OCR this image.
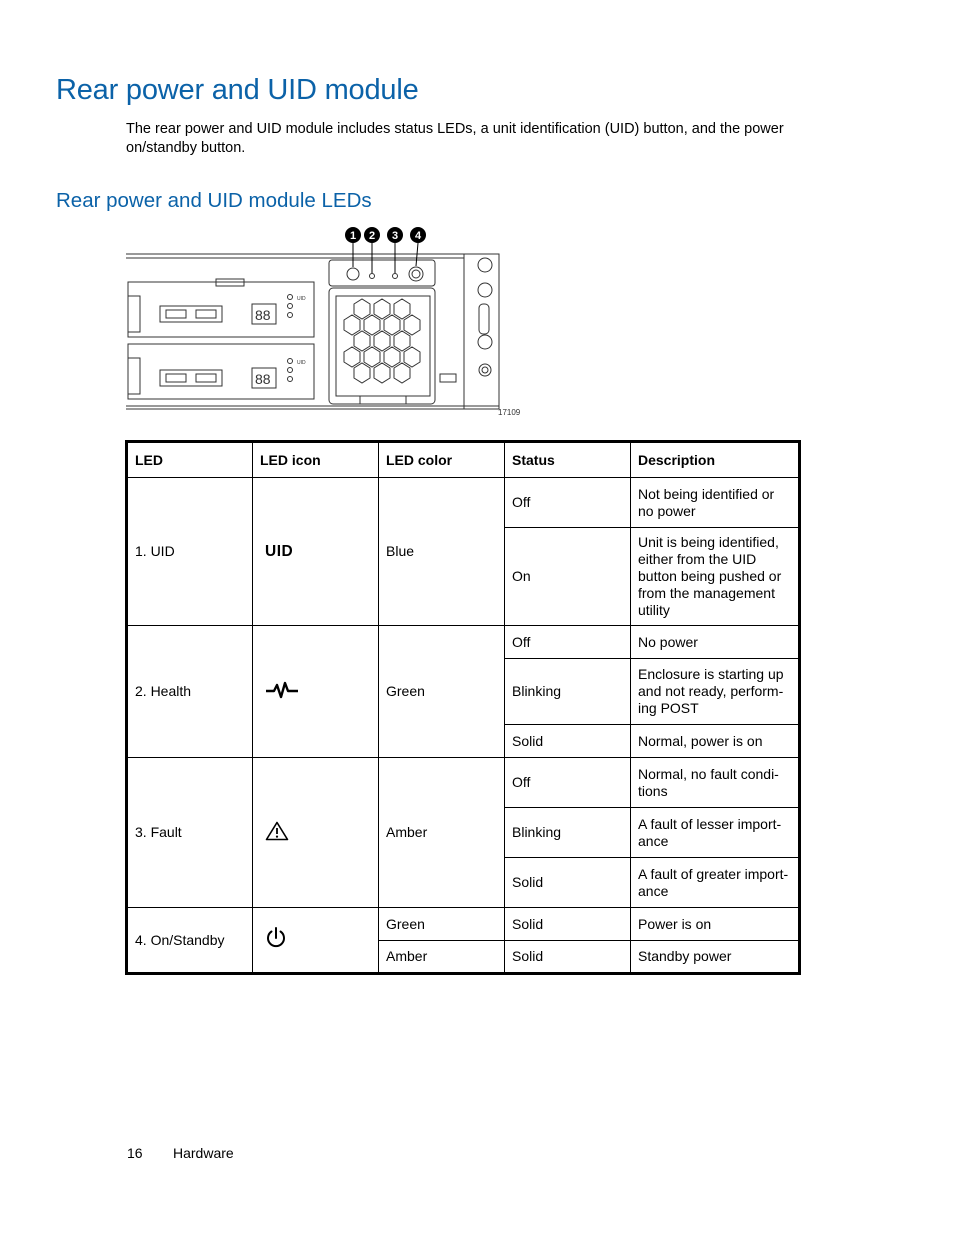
Rear power and UID module

The rear power and UID module includes status LEDs, a unit identification (UID) button, and the power on/standby button.

Rear power and UID module LEDs
1 2 3 4
UID
UID
88
88
17109
LED	LED icon	LED color	Status	Description
1. UID	UID	Blue	Off	Not being identified or no power
			On	Unit is being identified, either from the UID button being pushed or from the management utility
2. Health		Green	Off	No power
			Blinking	Enclosure is starting up and not ready, perform-ing POST
			Solid	Normal, power is on
3. Fault		Amber	Off	Normal, no fault condi-tions
			Blinking	A fault of lesser import-ance
			Solid	A fault of greater import-ance
4. On/Standby		Green	Solid	Power is on
		Amber	Solid	Standby power
16 Hardware
